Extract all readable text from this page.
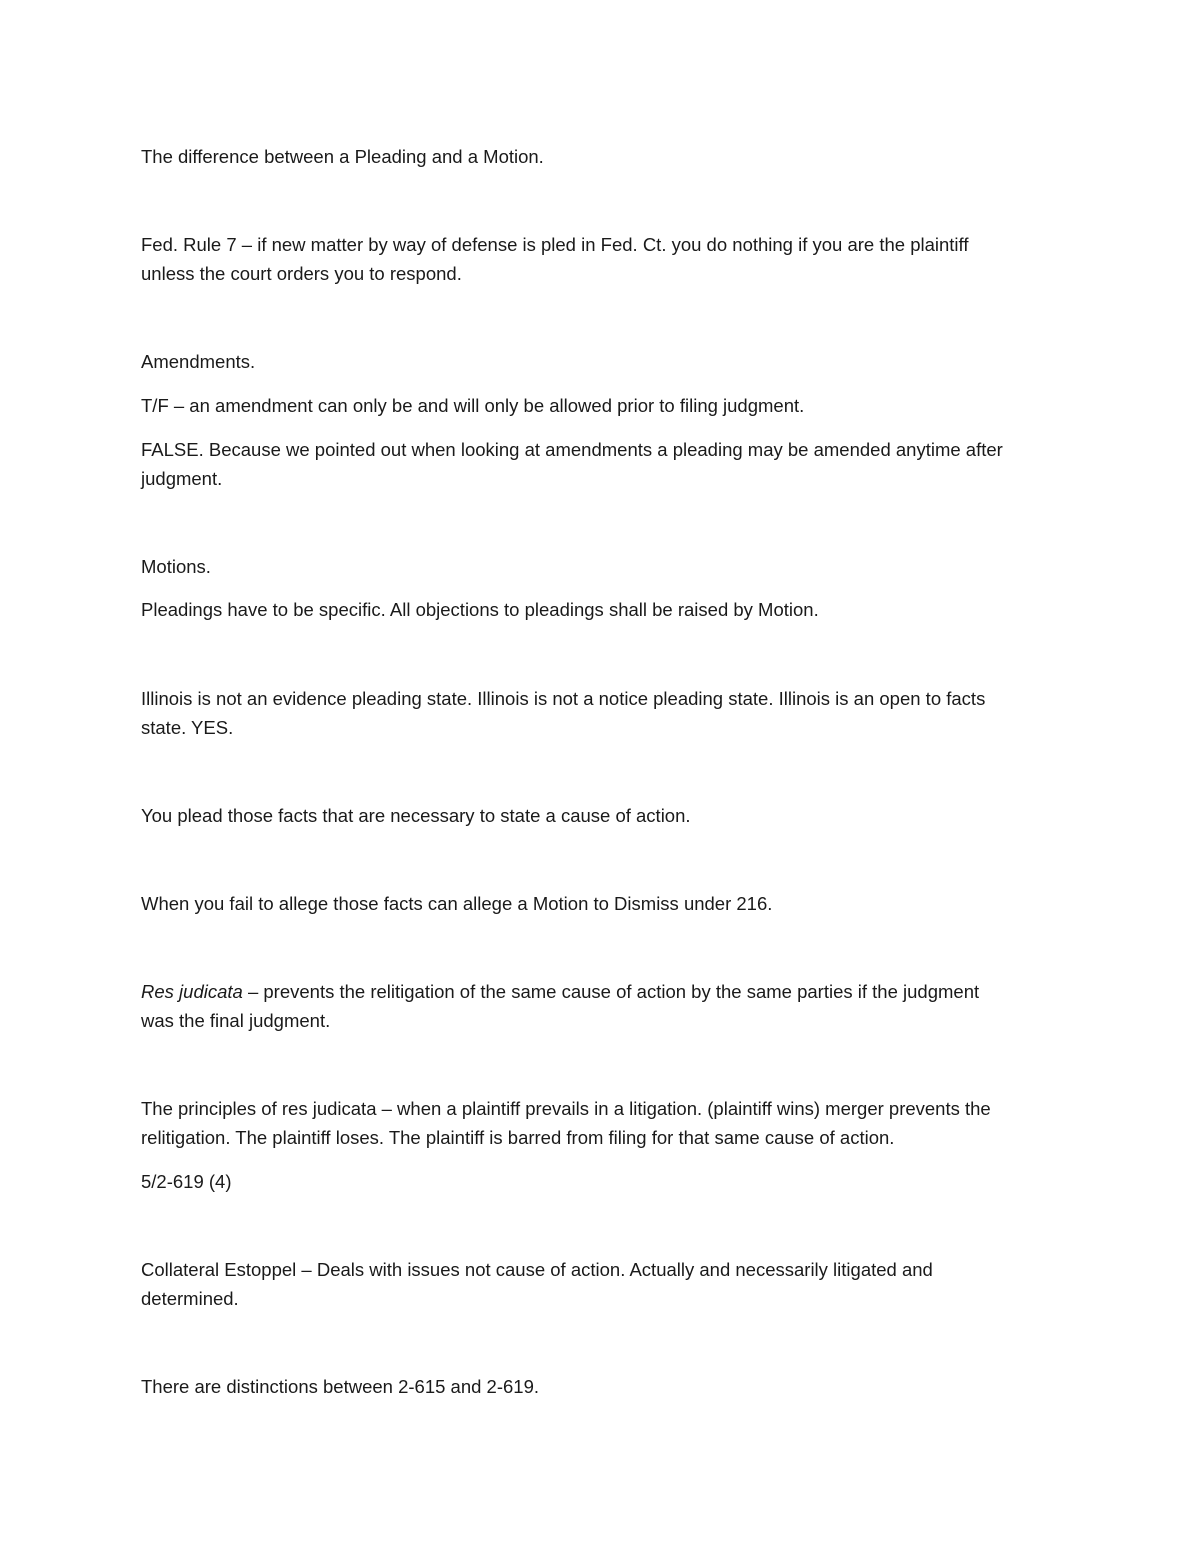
The difference between a Pleading and a Motion.

Fed. Rule 7 – if new matter by way of defense is pled in Fed. Ct. you do nothing if you are the plaintiff

unless the court orders you to respond.

Amendments.

T/F – an amendment can only be and will only be allowed prior to filing judgment.

FALSE. Because we pointed out when looking at amendments a pleading may be amended anytime after

judgment.

Motions.

Pleadings have to be specific. All objections to pleadings shall be raised by Motion.

Illinois is not an evidence pleading state. Illinois is not a notice pleading state. Illinois is an open to facts

state. YES.

You plead those facts that are necessary to state a cause of action.

When you fail to allege those facts can allege a Motion to Dismiss under 216.

Res judicata – prevents the relitigation of the same cause of action by the same parties if the judgment

was the final judgment.

The principles of res judicata – when a plaintiff prevails in a litigation. (plaintiff wins) merger prevents the

relitigation. The plaintiff loses. The plaintiff is barred from filing for that same cause of action.

5/2-619 (4)

Collateral Estoppel – Deals with issues not cause of action. Actually and necessarily litigated and

determined.

There are distinctions between 2-615 and 2-619.
